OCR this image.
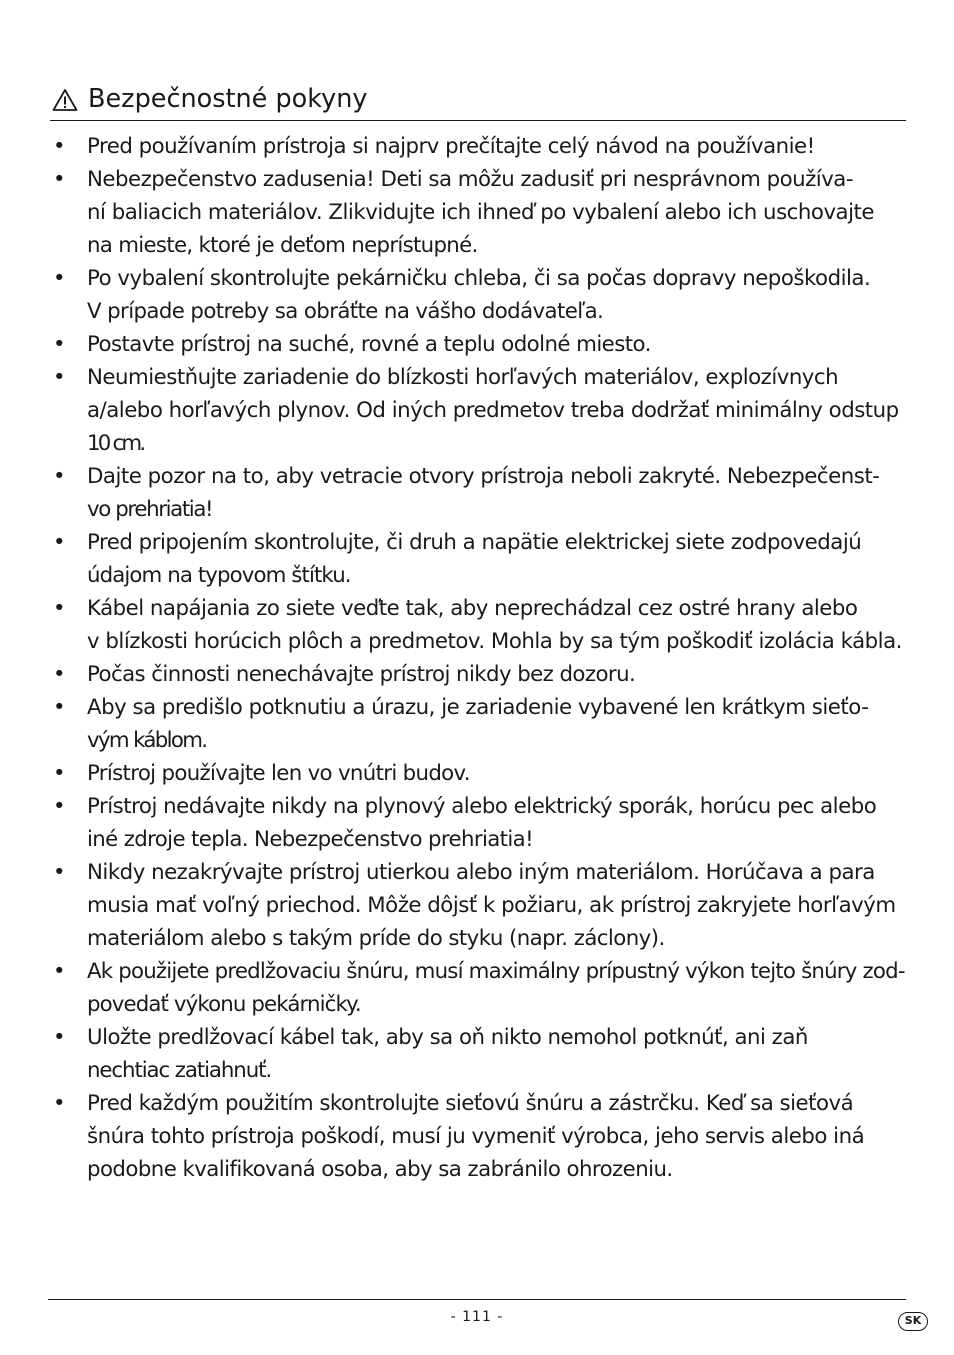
Bezpečnostné pokyny
• Pred používaním prístroja si najprv prečítajte celý návod na používanie!
• Nebezpečenstvo zadusenia! Deti sa môžu zadusiť pri nesprávnom používa-
ní baliacich materiálov. Zlikvidujte ich ihneď po vybalení alebo ich uschovajte
na mieste, ktoré je deťom neprístupné.
• Po vybalení skontrolujte pekárničku chleba, či sa počas dopravy nepoškodila.
V prípade potreby sa obráťte na vášho dodávateľa.
• Postavte prístroj na suché, rovné a teplu odolné miesto.
• Neumiestňujte zariadenie do blízkosti horľavých materiálov, explozívnych
a/alebo horľavých plynov. Od iných predmetov treba dodržať minimálny odstup
10 cm.
• Dajte pozor na to, aby vetracie otvory prístroja neboli zakryté. Nebezpečenst-
vo prehriatia!
• Pred pripojením skontrolujte, či druh a napätie elektrickej siete zodpovedajú
údajom na typovom štítku.
• Kábel napájania zo siete veďte tak, aby neprechádzal cez ostré hrany alebo
v blízkosti horúcich plôch a predmetov. Mohla by sa tým poškodiť izolácia kábla.
• Počas činnosti nenechávajte prístroj nikdy bez dozoru.
• Aby sa predišlo potknutiu a úrazu, je zariadenie vybavené len krátkym sieťo-
vým káblom.
• Prístroj používajte len vo vnútri budov.
• Prístroj nedávajte nikdy na plynový alebo elektrický sporák, horúcu pec alebo
iné zdroje tepla. Nebezpečenstvo prehriatia!
• Nikdy nezakrývajte prístroj utierkou alebo iným materiálom. Horúčava a para
musia mať voľný priechod. Môže dôjsť k požiaru, ak prístroj zakryjete horľavým
materiálom alebo s takým príde do styku (napr. záclony).
• Ak použijete predlžovaciu šnúru, musí maximálny prípustný výkon tejto šnúry zod-
povedať výkonu pekárničky.
• Uložte predlžovací kábel tak, aby sa oň nikto nemohol potknúť, ani zaň
nechtiac zatiahnuť.
• Pred každým použitím skontrolujte sieťovú šnúru a zástrčku. Keď sa sieťová
šnúra tohto prístroja poškodí, musí ju vymeniť výrobca, jeho servis alebo iná
podobne kvalifikovaná osoba, aby sa zabránilo ohrozeniu.
- 111 -	SK
